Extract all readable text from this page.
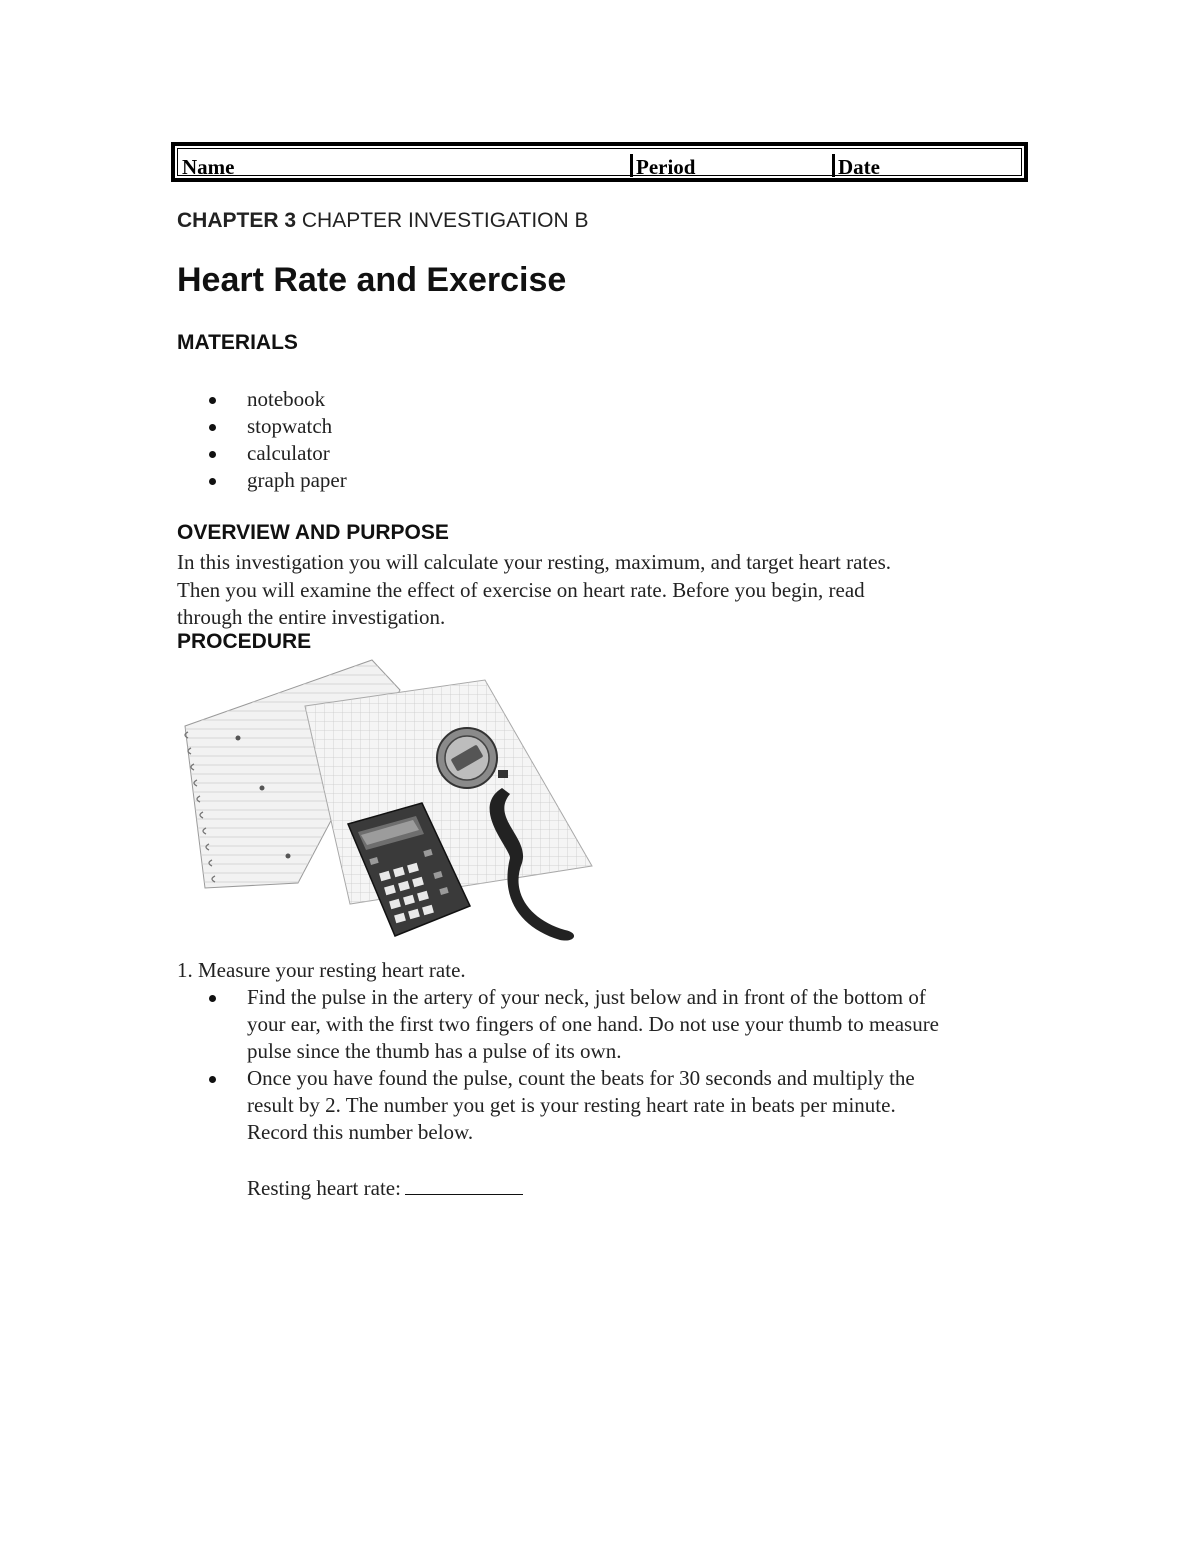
Name	Period	Date
CHAPTER 3 CHAPTER INVESTIGATION B
Heart Rate and Exercise
MATERIALS
notebook
stopwatch
calculator
graph paper
OVERVIEW AND PURPOSE
In this investigation you will calculate your resting, maximum, and target heart rates.
Then you will examine the effect of exercise on heart rate. Before you begin, read
through the entire investigation.
PROCEDURE
1. Measure your resting heart rate.
Find the pulse in the artery of your neck, just below and in front of the bottom of
your ear, with the first two fingers of one hand. Do not use your thumb to measure
pulse since the thumb has a pulse of its own.
Once you have found the pulse, count the beats for 30 seconds and multiply the
result by 2. The number you get is your resting heart rate in beats per minute.
Record this number below.
Resting heart rate:
